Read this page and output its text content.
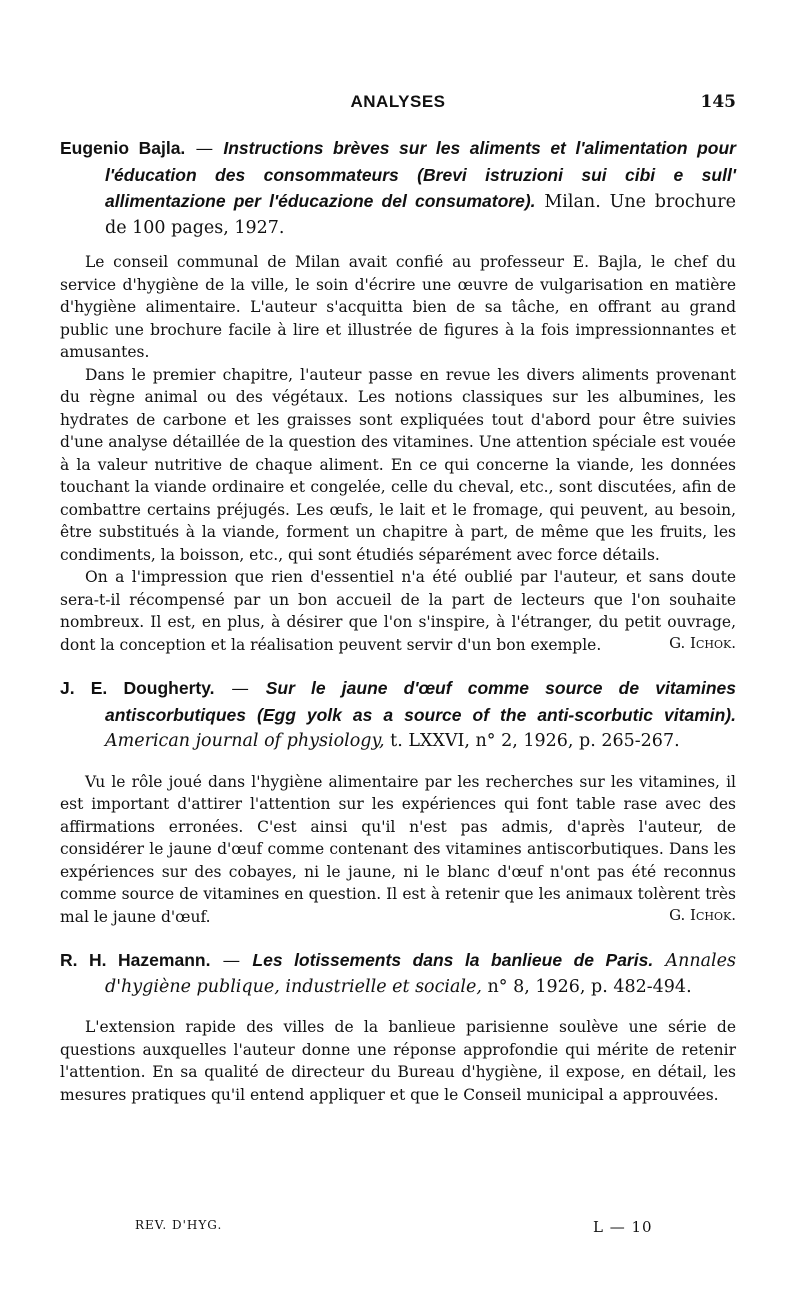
ANALYSES	145
Eugenio Bajla. — Instructions brèves sur les aliments et l'alimentation pour l'éducation des consommateurs (Brevi istruzioni sui cibi e sull' allimentazione per l'éducazione del consumatore). Milan. Une brochure de 100 pages, 1927.

Le conseil communal de Milan avait confié au professeur E. Bajla, le chef du service d'hygiène de la ville, le soin d'écrire une œuvre de vulgarisation en matière d'hygiène alimentaire. L'auteur s'acquitta bien de sa tâche, en offrant au grand public une brochure facile à lire et illustrée de figures à la fois impressionnantes et amusantes.

Dans le premier chapitre, l'auteur passe en revue les divers aliments provenant du règne animal ou des végétaux. Les notions classiques sur les albumines, les hydrates de carbone et les graisses sont expliquées tout d'abord pour être suivies d'une analyse détaillée de la question des vitamines. Une attention spéciale est vouée à la valeur nutritive de chaque aliment. En ce qui concerne la viande, les données touchant la viande ordinaire et congelée, celle du cheval, etc., sont discutées, afin de combattre certains préjugés. Les œufs, le lait et le fromage, qui peuvent, au besoin, être substitués à la viande, forment un chapitre à part, de même que les fruits, les condiments, la boisson, etc., qui sont étudiés séparément avec force détails.

On a l'impression que rien d'essentiel n'a été oublié par l'auteur, et sans doute sera-t-il récompensé par un bon accueil de la part de lecteurs que l'on souhaite nombreux. Il est, en plus, à désirer que l'on s'inspire, à l'étranger, du petit ouvrage, dont la conception et la réalisation peuvent servir d'un bon exemple.	G. Ichok.
J. E. Dougherty. — Sur le jaune d'œuf comme source de vitamines antiscorbutiques (Egg yolk as a source of the anti-scorbutic vitamin). American journal of physiology, t. LXXVI, n° 2, 1926, p. 265-267.

Vu le rôle joué dans l'hygiène alimentaire par les recherches sur les vitamines, il est important d'attirer l'attention sur les expériences qui font table rase avec des affirmations erronées. C'est ainsi qu'il n'est pas admis, d'après l'auteur, de considérer le jaune d'œuf comme contenant des vitamines antiscorbutiques. Dans les expériences sur des cobayes, ni le jaune, ni le blanc d'œuf n'ont pas été reconnus comme source de vitamines en question. Il est à retenir que les animaux tolèrent très mal le jaune d'œuf.	G. Ichok.
R. H. Hazemann. — Les lotissements dans la banlieue de Paris. Annales d'hygiène publique, industrielle et sociale, n° 8, 1926, p. 482-494.

L'extension rapide des villes de la banlieue parisienne soulève une série de questions auxquelles l'auteur donne une réponse approfondie qui mérite de retenir l'attention. En sa qualité de directeur du Bureau d'hygiène, il expose, en détail, les mesures pratiques qu'il entend appliquer et que le Conseil municipal a approuvées.

REV. D'HYG.	L — 10
